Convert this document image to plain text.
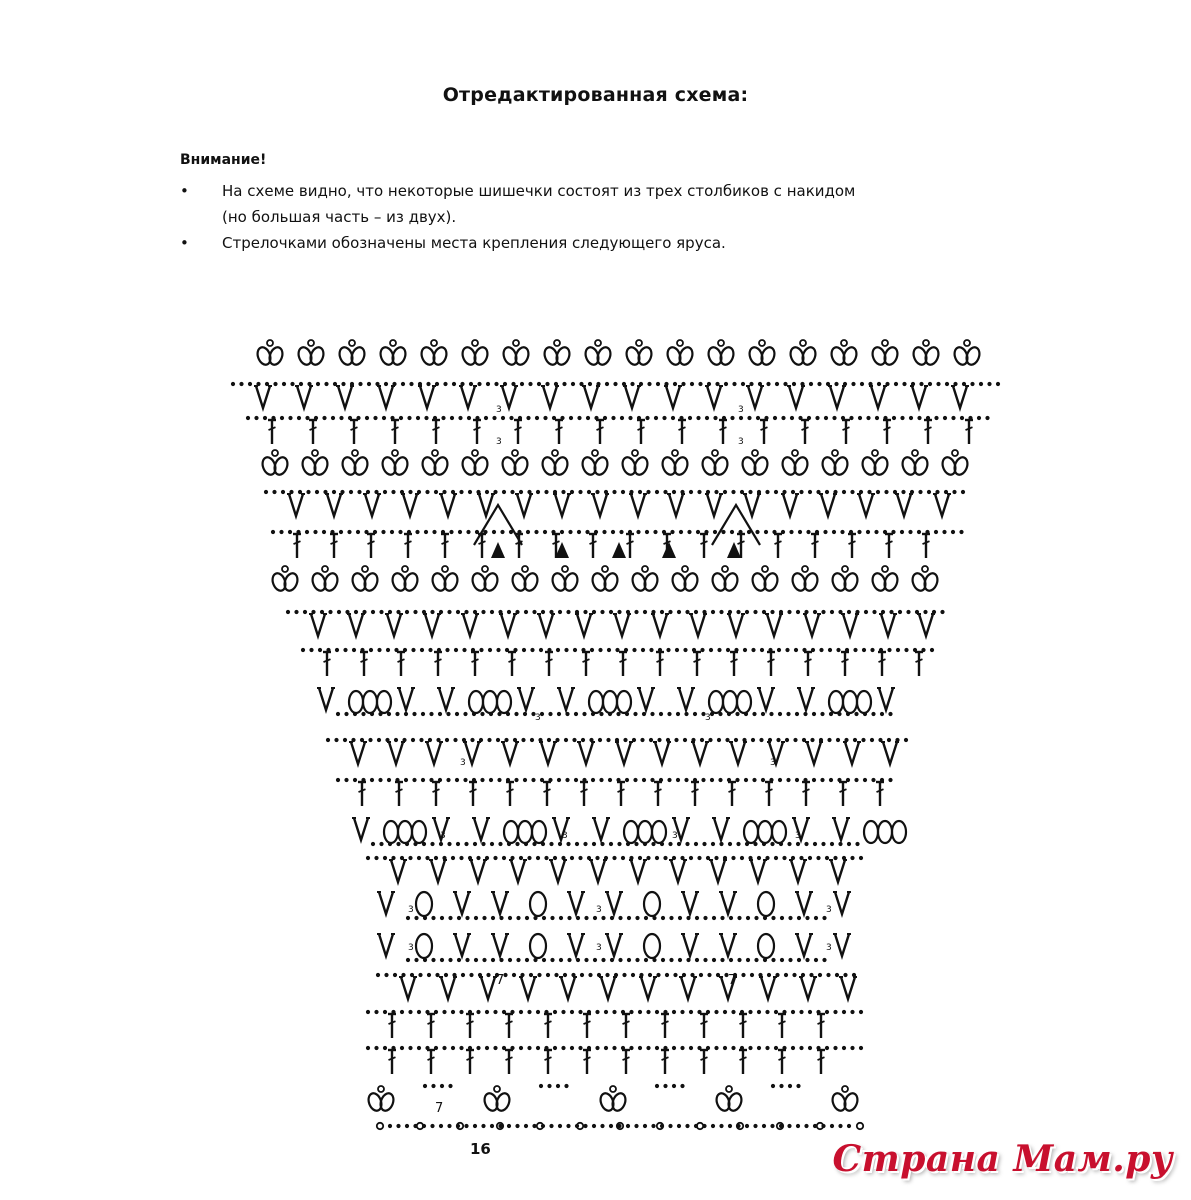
Отредактированная схема:
Внимание!
• На схеме видно, что некоторые шишечки состоят из трех столбиков с накидом
(но большая часть – из двух).
• Стрелочками обозначены места крепления следующего яруса.
3
3
3
3
3
3	3
3
3	3	3	3
3	3	3
3	3	3
7	7
7
16	Страна Мам.ру
